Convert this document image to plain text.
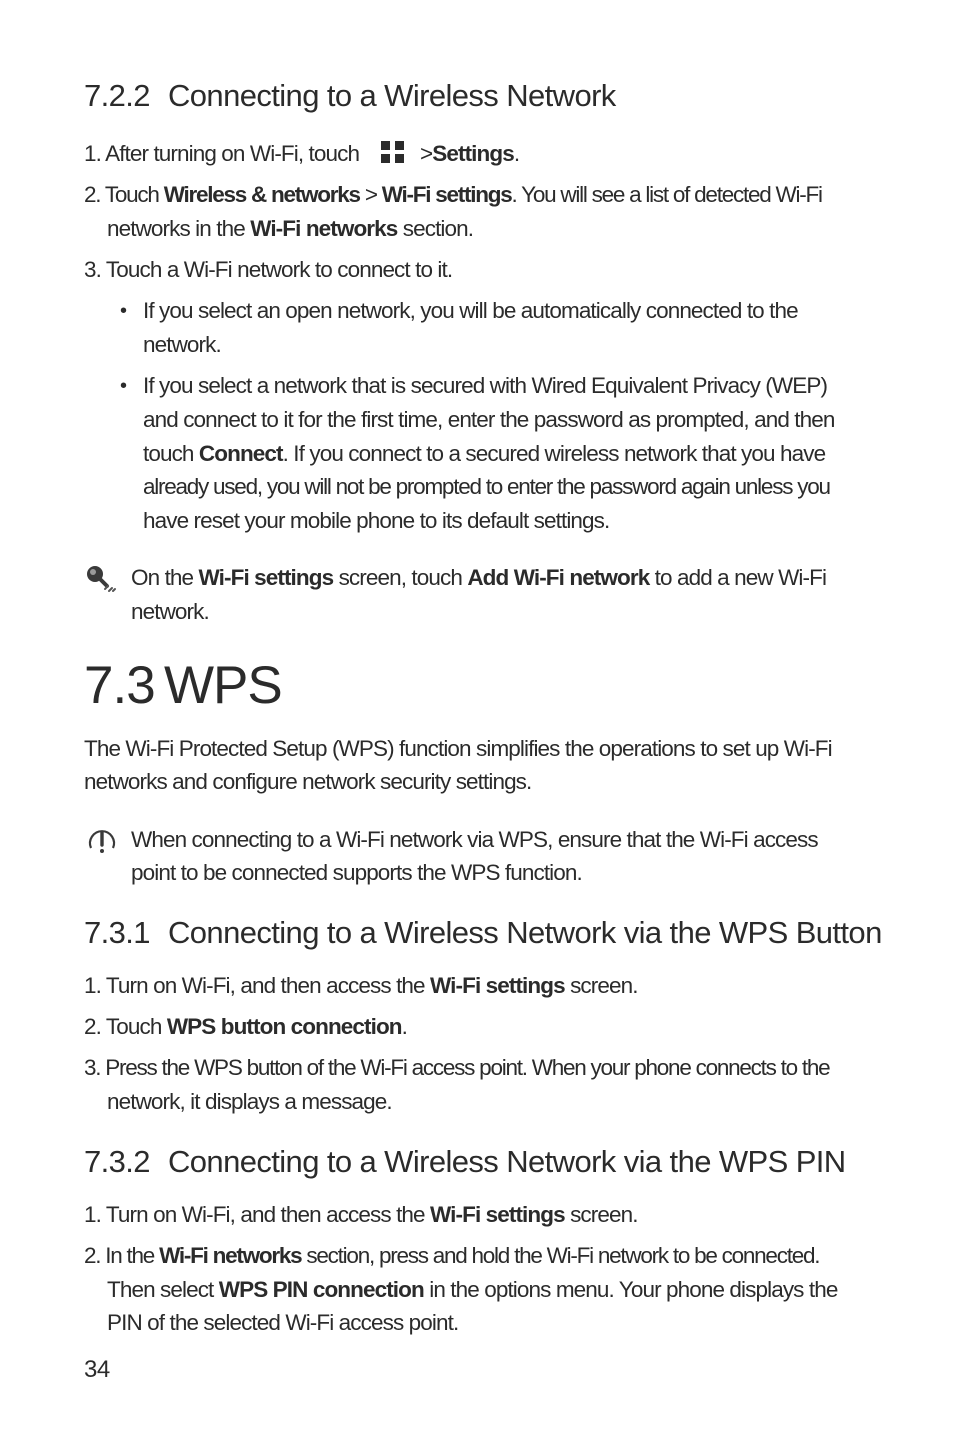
7.2.2 Connecting to a Wireless Network
1. After turning on Wi-Fi, touch	>Settings.
2. Touch Wireless & networks > Wi-Fi settings. You will see a list of detected Wi-Fi
networks in the Wi-Fi networks section.
3. Touch a Wi-Fi network to connect to it.
• If you select an open network, you will be automatically connected to the
network.
• If you select a network that is secured with Wired Equivalent Privacy (WEP)
and connect to it for the first time, enter the password as prompted, and then
touch Connect. If you connect to a secured wireless network that you have
already used, you will not be prompted to enter the password again unless you
have reset your mobile phone to its default settings.
On the Wi-Fi settings screen, touch Add Wi-Fi network to add a new Wi-Fi
network.
7.3 WPS
The Wi-Fi Protected Setup (WPS) function simplifies the operations to set up Wi-Fi
networks and configure network security settings.
When connecting to a Wi-Fi network via WPS, ensure that the Wi-Fi access
point to be connected supports the WPS function.
7.3.1 Connecting to a Wireless Network via the WPS Button
1. Turn on Wi-Fi, and then access the Wi-Fi settings screen.
2. Touch WPS button connection.
3. Press the WPS button of the Wi-Fi access point. When your phone connects to the
network, it displays a message.
7.3.2 Connecting to a Wireless Network via the WPS PIN
1. Turn on Wi-Fi, and then access the Wi-Fi settings screen.
2. In the Wi-Fi networks section, press and hold the Wi-Fi network to be connected.
Then select WPS PIN connection in the options menu. Your phone displays the
PIN of the selected Wi-Fi access point.
34
